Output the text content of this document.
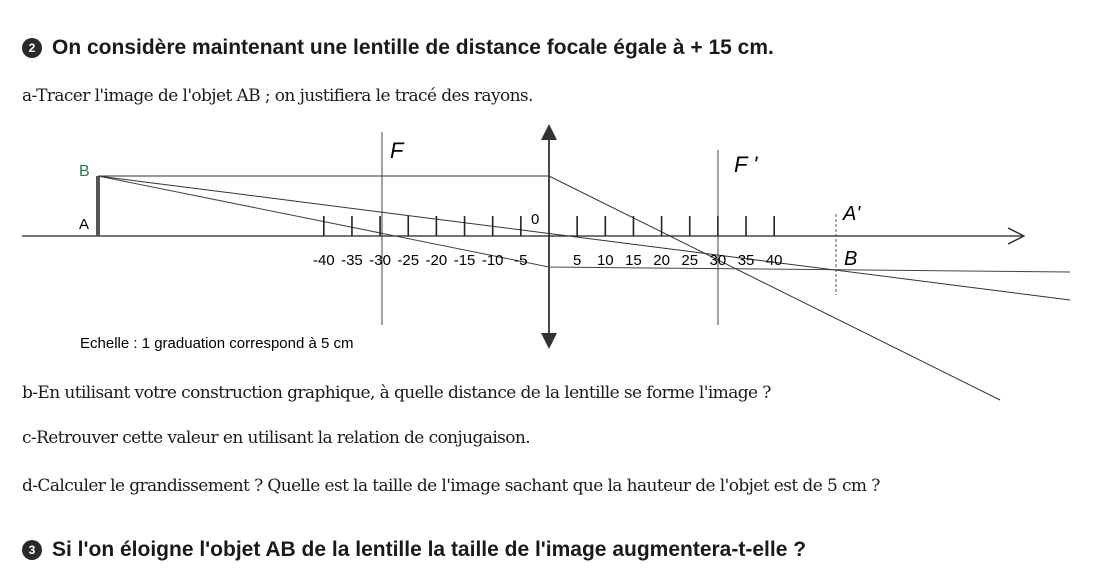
2 On considère maintenant une lentille de distance focale égale à + 15 cm.
a-Tracer l'image de l'objet AB ; on justifiera le tracé des rayons.
-40 -35 -30 -25 -20 -15 -10 -5	5 10 15 20 25 30 35 40
0
A
B
F
F '
A'
B
Echelle : 1 graduation correspond à 5 cm
b-En utilisant votre construction graphique, à quelle distance de la lentille se forme l'image ?
c-Retrouver cette valeur en utilisant la relation de conjugaison.
d-Calculer le grandissement ? Quelle est la taille de l'image sachant que la hauteur de l'objet est de 5 cm ?
3 Si l'on éloigne l'objet AB de la lentille la taille de l'image augmentera-t-elle ?
